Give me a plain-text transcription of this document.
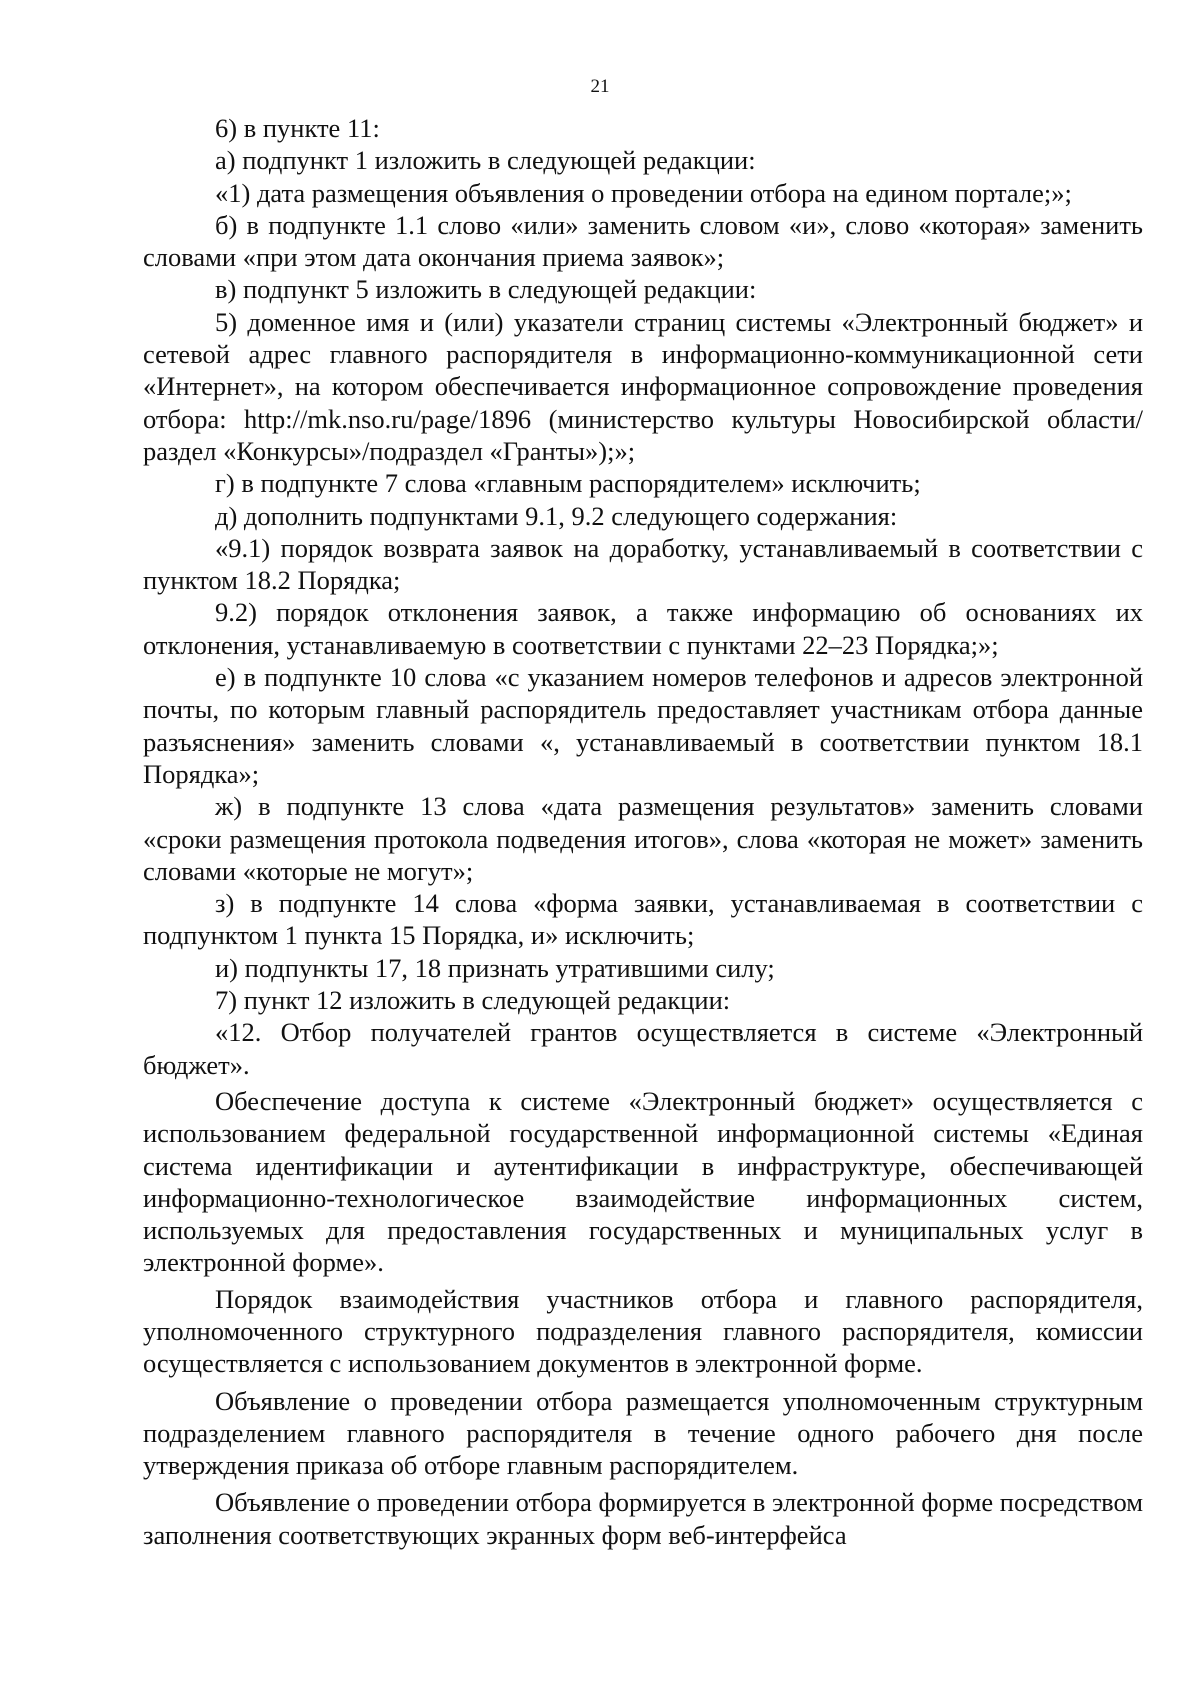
21

6) в пункте 11:

а) подпункт 1 изложить в следующей редакции:

«1) дата размещения объявления о проведении отбора на едином портале;»;

б) в подпункте 1.1 слово «или» заменить словом «и», слово «которая» заменить словами «при этом дата окончания приема заявок»;

в) подпункт 5 изложить в следующей редакции:

5) доменное имя и (или) указатели страниц системы «Электронный бюджет» и сетевой адрес главного распорядителя в информационно-коммуникационной сети «Интернет», на котором обеспечивается информационное сопровождение проведения отбора: http://mk.nso.ru/page/1896 (министерство культуры Новосибирской области/раздел «Конкурсы»/подраздел «Гранты»);»;

г) в подпункте 7 слова «главным распорядителем» исключить;

д) дополнить подпунктами 9.1, 9.2 следующего содержания:

«9.1) порядок возврата заявок на доработку, устанавливаемый в соответствии с пунктом 18.2 Порядка;

9.2) порядок отклонения заявок, а также информацию об основаниях их отклонения, устанавливаемую в соответствии с пунктами 22–23 Порядка;»;

е) в подпункте 10 слова «с указанием номеров телефонов и адресов электронной почты, по которым главный распорядитель предоставляет участникам отбора данные разъяснения» заменить словами «, устанавливаемый в соответствии пунктом 18.1 Порядка»;

ж) в подпункте 13 слова «дата размещения результатов» заменить словами «сроки размещения протокола подведения итогов», слова «которая не может» заменить словами «которые не могут»;

з) в подпункте 14 слова «форма заявки, устанавливаемая в соответствии с подпунктом 1 пункта 15 Порядка, и» исключить;

и) подпункты 17, 18 признать утратившими силу;

7) пункт 12 изложить в следующей редакции:

«12. Отбор получателей грантов осуществляется в системе «Электронный бюджет».

Обеспечение доступа к системе «Электронный бюджет» осуществляется с использованием федеральной государственной информационной системы «Единая система идентификации и аутентификации в инфраструктуре, обеспечивающей информационно-технологическое взаимодействие информационных систем, используемых для предоставления государственных и муниципальных услуг в электронной форме».

Порядок взаимодействия участников отбора и главного распорядителя, уполномоченного структурного подразделения главного распорядителя, комиссии осуществляется с использованием документов в электронной форме.

Объявление о проведении отбора размещается уполномоченным структурным подразделением главного распорядителя в течение одного рабочего дня после утверждения приказа об отборе главным распорядителем.

Объявление о проведении отбора формируется в электронной форме посредством заполнения соответствующих экранных форм веб-интерфейса
